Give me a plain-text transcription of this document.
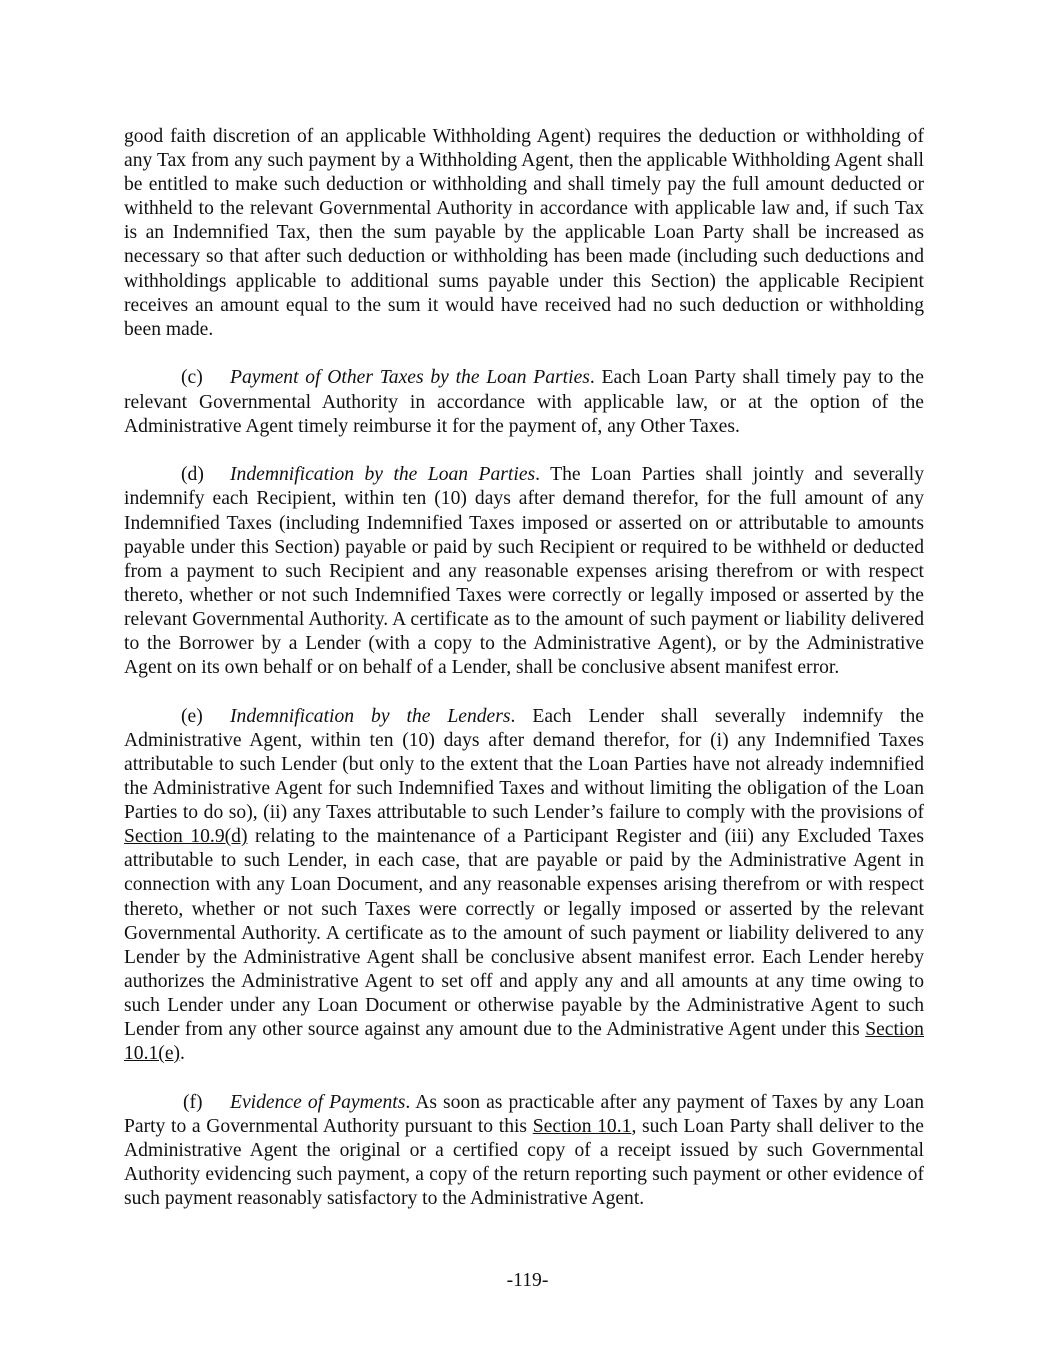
good faith discretion of an applicable Withholding Agent) requires the deduction or withholding of any Tax from any such payment by a Withholding Agent, then the applicable Withholding Agent shall be entitled to make such deduction or withholding and shall timely pay the full amount deducted or withheld to the relevant Governmental Authority in accordance with applicable law and, if such Tax is an Indemnified Tax, then the sum payable by the applicable Loan Party shall be increased as necessary so that after such deduction or withholding has been made (including such deductions and withholdings applicable to additional sums payable under this Section) the applicable Recipient receives an amount equal to the sum it would have received had no such deduction or withholding been made.

(c) Payment of Other Taxes by the Loan Parties. Each Loan Party shall timely pay to the relevant Governmental Authority in accordance with applicable law, or at the option of the Administrative Agent timely reimburse it for the payment of, any Other Taxes.

(d) Indemnification by the Loan Parties. The Loan Parties shall jointly and severally indemnify each Recipient, within ten (10) days after demand therefor, for the full amount of any Indemnified Taxes (including Indemnified Taxes imposed or asserted on or attributable to amounts payable under this Section) payable or paid by such Recipient or required to be withheld or deducted from a payment to such Recipient and any reasonable expenses arising therefrom or with respect thereto, whether or not such Indemnified Taxes were correctly or legally imposed or asserted by the relevant Governmental Authority. A certificate as to the amount of such payment or liability delivered to the Borrower by a Lender (with a copy to the Administrative Agent), or by the Administrative Agent on its own behalf or on behalf of a Lender, shall be conclusive absent manifest error.

(e) Indemnification by the Lenders. Each Lender shall severally indemnify the Administrative Agent, within ten (10) days after demand therefor, for (i) any Indemnified Taxes attributable to such Lender (but only to the extent that the Loan Parties have not already indemnified the Administrative Agent for such Indemnified Taxes and without limiting the obligation of the Loan Parties to do so), (ii) any Taxes attributable to such Lender’s failure to comply with the provisions of Section 10.9(d) relating to the maintenance of a Participant Register and (iii) any Excluded Taxes attributable to such Lender, in each case, that are payable or paid by the Administrative Agent in connection with any Loan Document, and any reasonable expenses arising therefrom or with respect thereto, whether or not such Taxes were correctly or legally imposed or asserted by the relevant Governmental Authority. A certificate as to the amount of such payment or liability delivered to any Lender by the Administrative Agent shall be conclusive absent manifest error. Each Lender hereby authorizes the Administrative Agent to set off and apply any and all amounts at any time owing to such Lender under any Loan Document or otherwise payable by the Administrative Agent to such Lender from any other source against any amount due to the Administrative Agent under this Section 10.1(e).

(f) Evidence of Payments. As soon as practicable after any payment of Taxes by any Loan Party to a Governmental Authority pursuant to this Section 10.1, such Loan Party shall deliver to the Administrative Agent the original or a certified copy of a receipt issued by such Governmental Authority evidencing such payment, a copy of the return reporting such payment or other evidence of such payment reasonably satisfactory to the Administrative Agent.

-119-
